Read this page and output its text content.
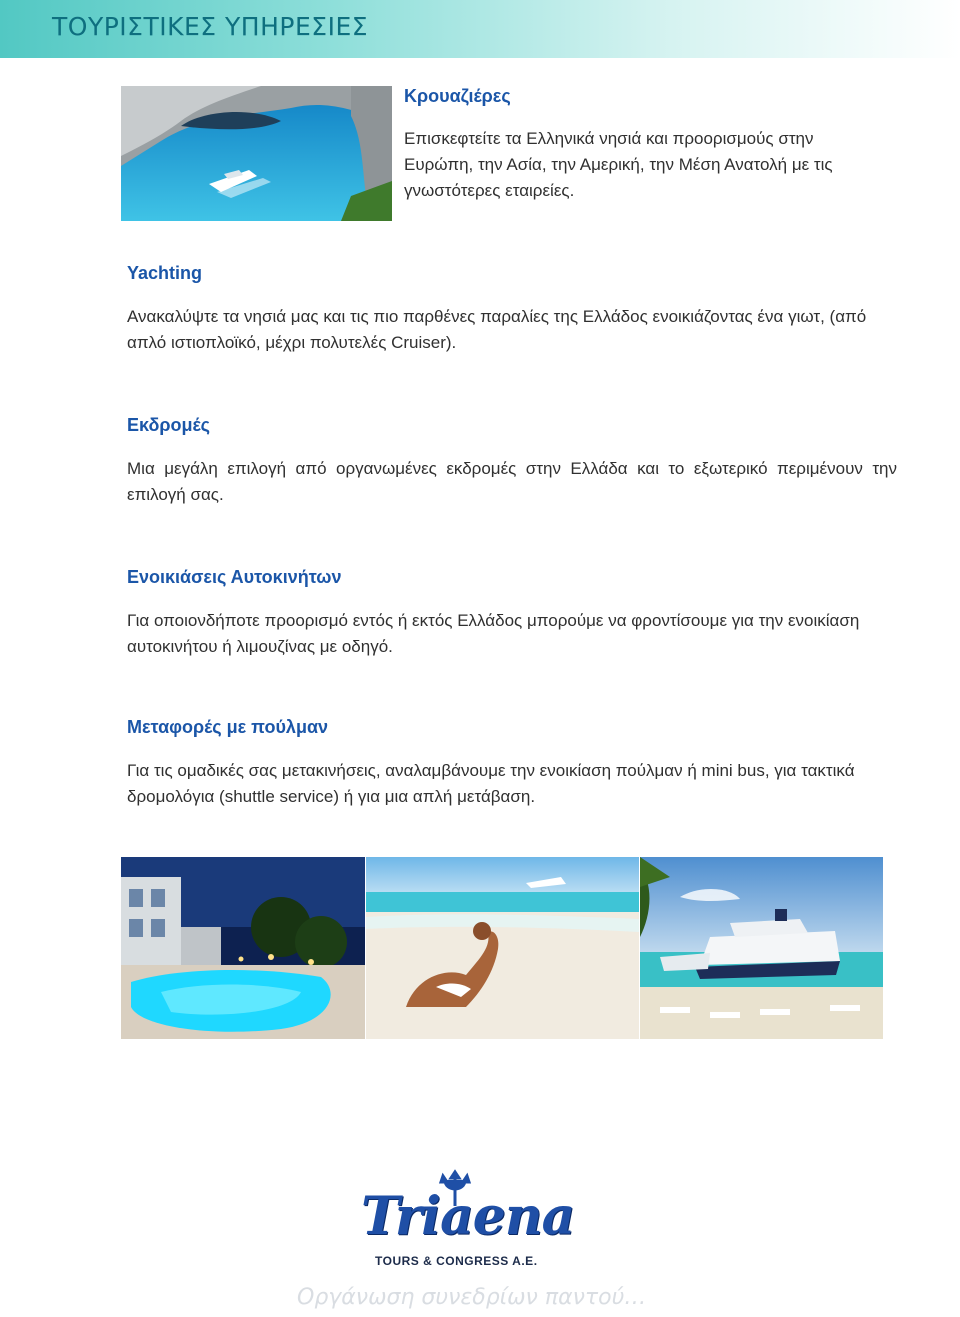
ΤΟΥΡΙΣΤΙΚΕΣ ΥΠΗΡΕΣΙΕΣ
Κρουαζιέρες

Επισκεφτείτε τα Ελληνικά νησιά και προορισμούς στην Ευρώπη, την Ασία, την Αμερική, την Μέση Ανατολή με τις γνωστότερες εταιρείες.

Yachting

Ανακαλύψτε τα νησιά μας και τις πιο παρθένες παραλίες της Ελλάδος ενοικιάζοντας ένα γιωτ, (από απλό ιστιοπλοϊκό, μέχρι πολυτελές Cruiser).

Εκδρομές

Μια μεγάλη επιλογή από οργανωμένες εκδρομές στην Ελλάδα και το εξωτερικό περιμένουν την επιλογή σας.

Ενοικιάσεις Αυτοκινήτων

Για οποιονδήποτε προορισμό εντός ή εκτός Ελλάδος μπορούμε να φροντίσουμε για την ενοικίαση αυτοκινήτου ή λιμουζίνας με οδηγό.

Μεταφορές με πούλμαν

Για τις ομαδικές σας μετακινήσεις, αναλαμβάνουμε την ενοικίαση πούλμαν ή mini bus, για τακτικά δρομολόγια (shuttle service) ή για μια απλή μετάβαση.

Triaena
TOURS & CONGRESS A.E.
Οργάνωση συνεδρίων παντού…
